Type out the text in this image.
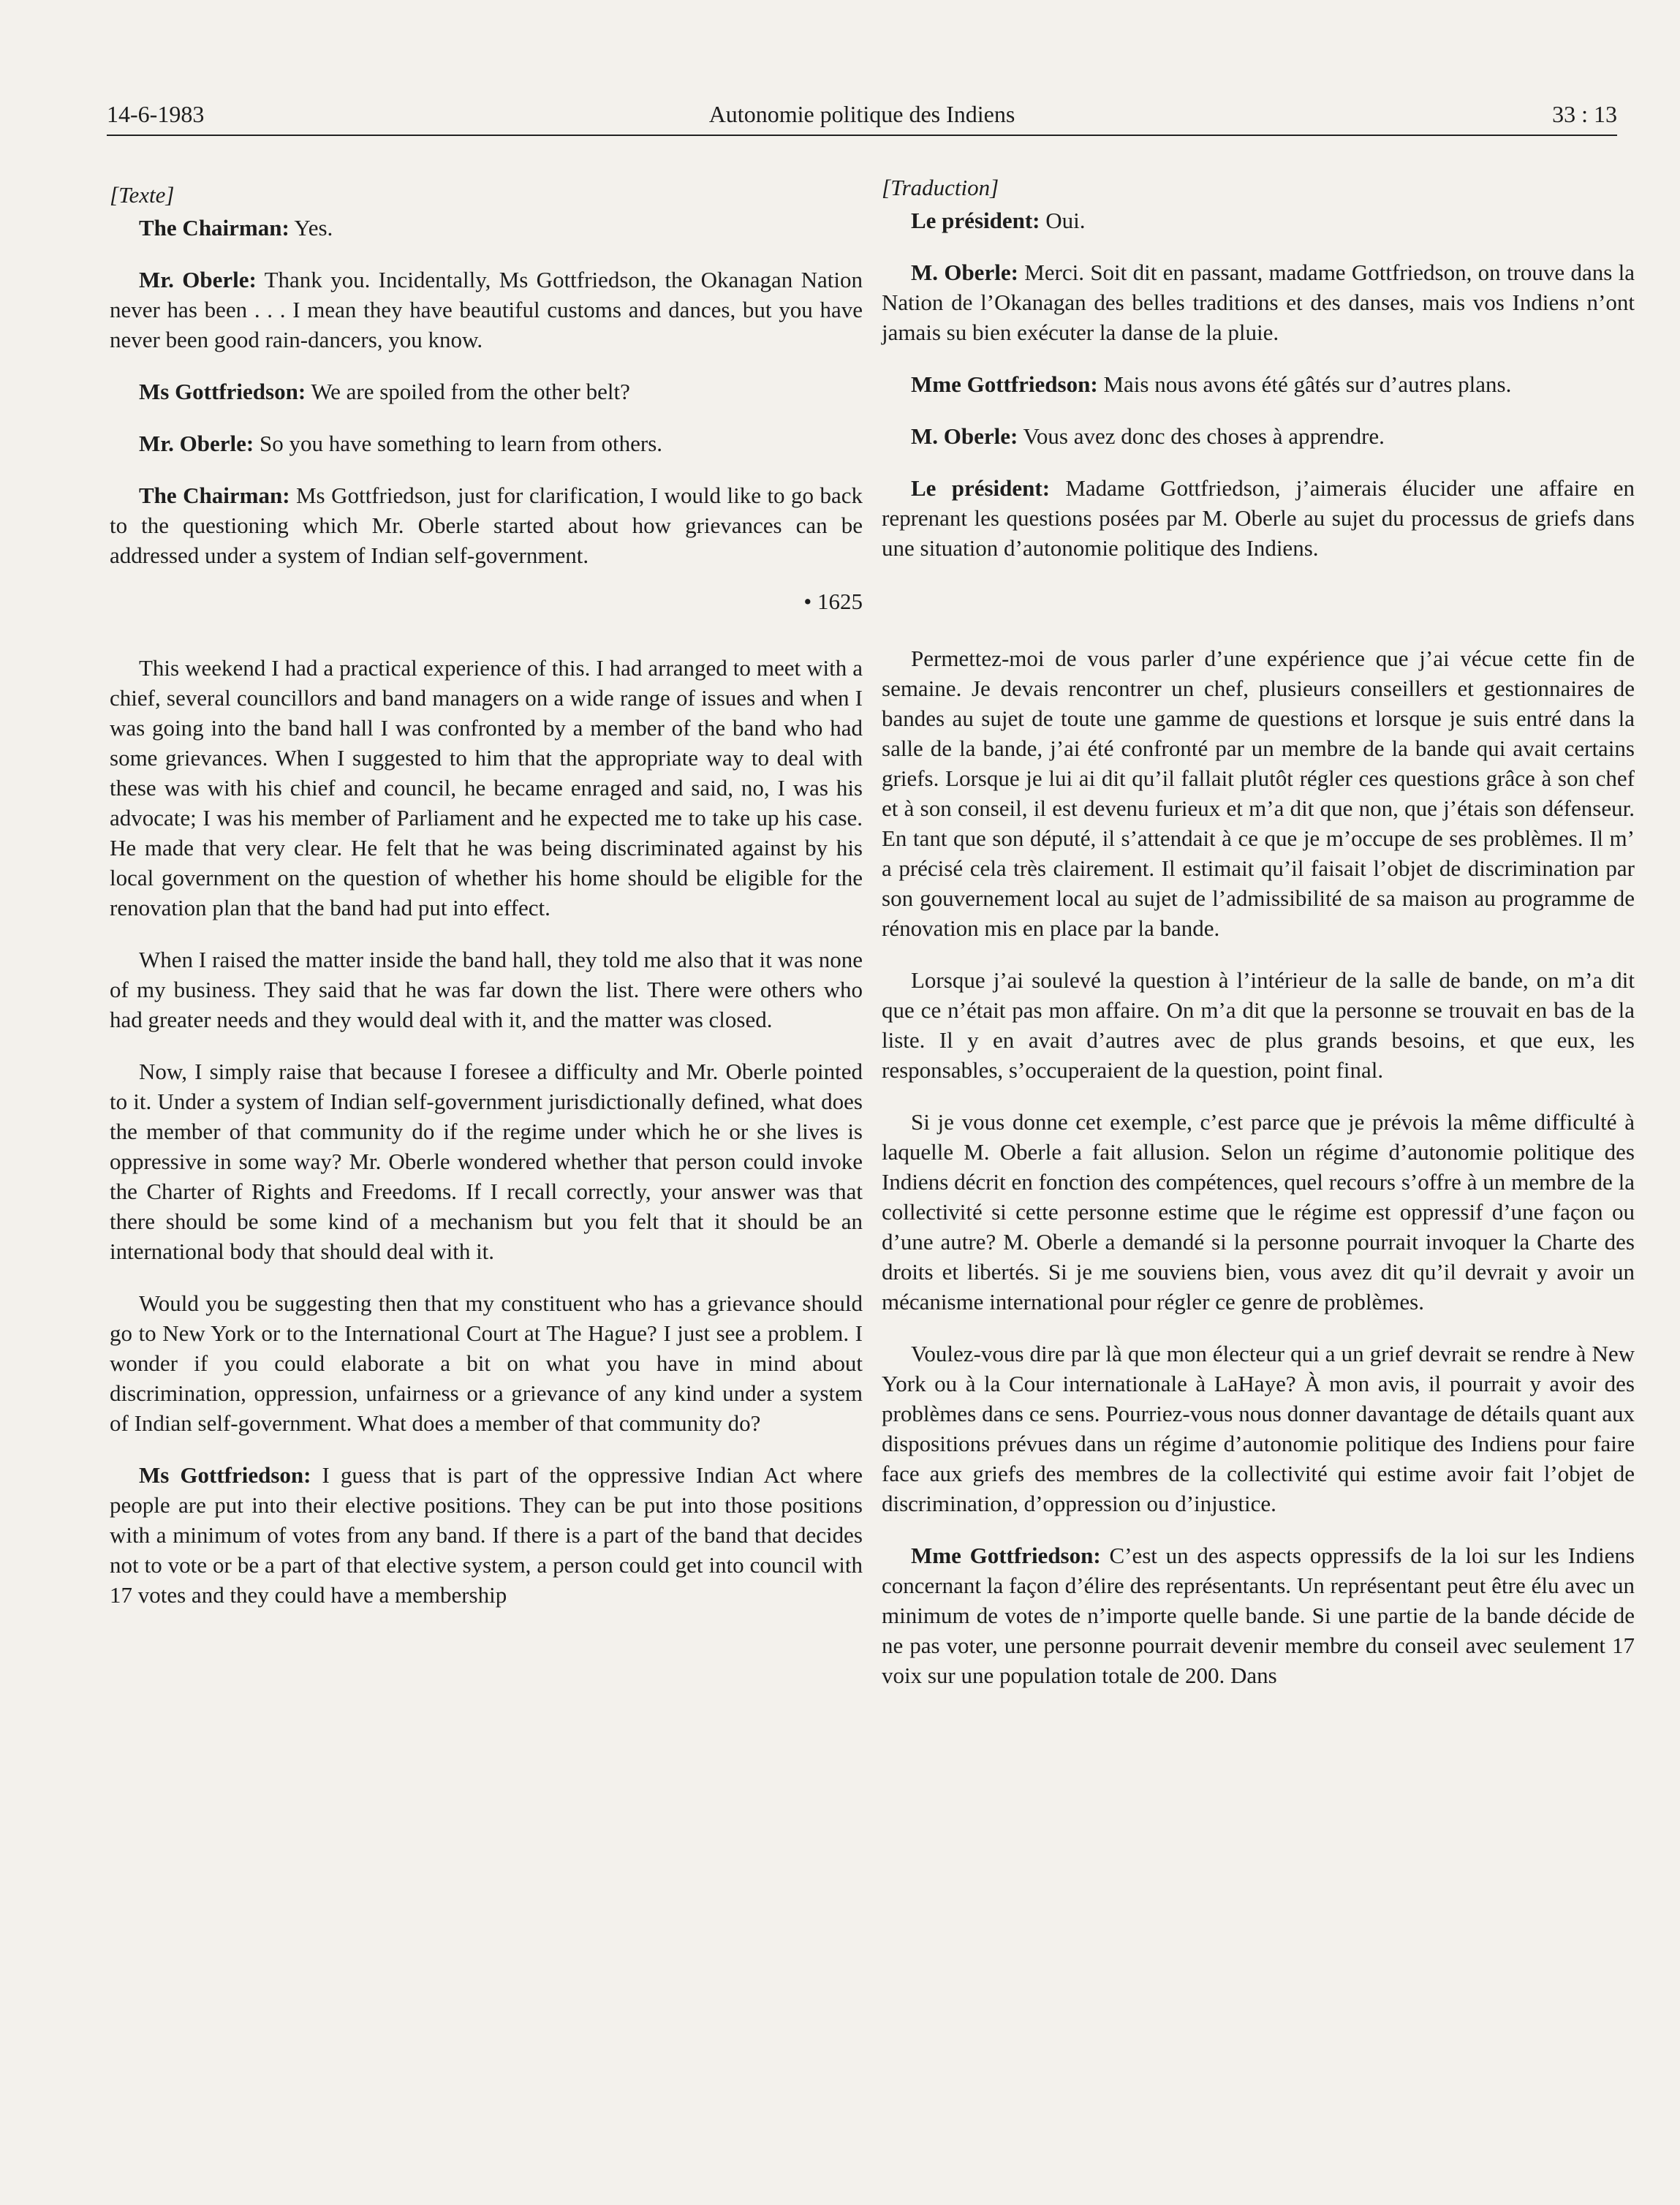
14-6-1983	Autonomie politique des Indiens	33 : 13

[Texte]

The Chairman: Yes.

Mr. Oberle: Thank you. Incidentally, Ms Gottfriedson, the Okanagan Nation never has been . . . I mean they have beautiful customs and dances, but you have never been good rain-dancers, you know.

Ms Gottfriedson: We are spoiled from the other belt?

Mr. Oberle: So you have something to learn from others.

The Chairman: Ms Gottfriedson, just for clarification, I would like to go back to the questioning which Mr. Oberle started about how grievances can be addressed under a system of Indian self-government.

• 1625

This weekend I had a practical experience of this. I had arranged to meet with a chief, several councillors and band managers on a wide range of issues and when I was going into the band hall I was confronted by a member of the band who had some grievances. When I suggested to him that the appropriate way to deal with these was with his chief and council, he became enraged and said, no, I was his advocate; I was his member of Parliament and he expected me to take up his case. He made that very clear. He felt that he was being discriminated against by his local government on the question of whether his home should be eligible for the renovation plan that the band had put into effect.

When I raised the matter inside the band hall, they told me also that it was none of my business. They said that he was far down the list. There were others who had greater needs and they would deal with it, and the matter was closed.

Now, I simply raise that because I foresee a difficulty and Mr. Oberle pointed to it. Under a system of Indian self-government jurisdictionally defined, what does the member of that community do if the regime under which he or she lives is oppressive in some way? Mr. Oberle wondered whether that person could invoke the Charter of Rights and Freedoms. If I recall correctly, your answer was that there should be some kind of a mechanism but you felt that it should be an international body that should deal with it.

Would you be suggesting then that my constituent who has a grievance should go to New York or to the International Court at The Hague? I just see a problem. I wonder if you could elaborate a bit on what you have in mind about discrimination, oppression, unfairness or a grievance of any kind under a system of Indian self-government. What does a member of that community do?

Ms Gottfriedson: I guess that is part of the oppressive Indian Act where people are put into their elective positions. They can be put into those positions with a minimum of votes from any band. If there is a part of the band that decides not to vote or be a part of that elective system, a person could get into council with 17 votes and they could have a membership

[Traduction]

Le président: Oui.

M. Oberle: Merci. Soit dit en passant, madame Gottfriedson, on trouve dans la Nation de l’Okanagan des belles traditions et des danses, mais vos Indiens n’ont jamais su bien exécuter la danse de la pluie.

Mme Gottfriedson: Mais nous avons été gâtés sur d’autres plans.

M. Oberle: Vous avez donc des choses à apprendre.

Le président: Madame Gottfriedson, j’aimerais élucider une affaire en reprenant les questions posées par M. Oberle au sujet du processus de griefs dans une situation d’autonomie politique des Indiens.

Permettez-moi de vous parler d’une expérience que j’ai vécue cette fin de semaine. Je devais rencontrer un chef, plusieurs conseillers et gestionnaires de bandes au sujet de toute une gamme de questions et lorsque je suis entré dans la salle de la bande, j’ai été confronté par un membre de la bande qui avait certains griefs. Lorsque je lui ai dit qu’il fallait plutôt régler ces questions grâce à son chef et à son conseil, il est devenu furieux et m’a dit que non, que j’étais son défenseur. En tant que son député, il s’attendait à ce que je m’occupe de ses problèmes. Il m’ a précisé cela très clairement. Il estimait qu’il faisait l’objet de discrimination par son gouvernement local au sujet de l’admissibilité de sa maison au programme de rénovation mis en place par la bande.

Lorsque j’ai soulevé la question à l’intérieur de la salle de bande, on m’a dit que ce n’était pas mon affaire. On m’a dit que la personne se trouvait en bas de la liste. Il y en avait d’autres avec de plus grands besoins, et que eux, les responsables, s’occuperaient de la question, point final.

Si je vous donne cet exemple, c’est parce que je prévois la même difficulté à laquelle M. Oberle a fait allusion. Selon un régime d’autonomie politique des Indiens décrit en fonction des compétences, quel recours s’offre à un membre de la collectivité si cette personne estime que le régime est oppressif d’une façon ou d’une autre? M. Oberle a demandé si la personne pourrait invoquer la Charte des droits et libertés. Si je me souviens bien, vous avez dit qu’il devrait y avoir un mécanisme international pour régler ce genre de problèmes.

Voulez-vous dire par là que mon électeur qui a un grief devrait se rendre à New York ou à la Cour internationale à LaHaye? À mon avis, il pourrait y avoir des problèmes dans ce sens. Pourriez-vous nous donner davantage de détails quant aux dispositions prévues dans un régime d’autonomie politique des Indiens pour faire face aux griefs des membres de la collectivité qui estime avoir fait l’objet de discrimination, d’oppression ou d’injustice.

Mme Gottfriedson: C’est un des aspects oppressifs de la loi sur les Indiens concernant la façon d’élire des représentants. Un représentant peut être élu avec un minimum de votes de n’importe quelle bande. Si une partie de la bande décide de ne pas voter, une personne pourrait devenir membre du conseil avec seulement 17 voix sur une population totale de 200. Dans
